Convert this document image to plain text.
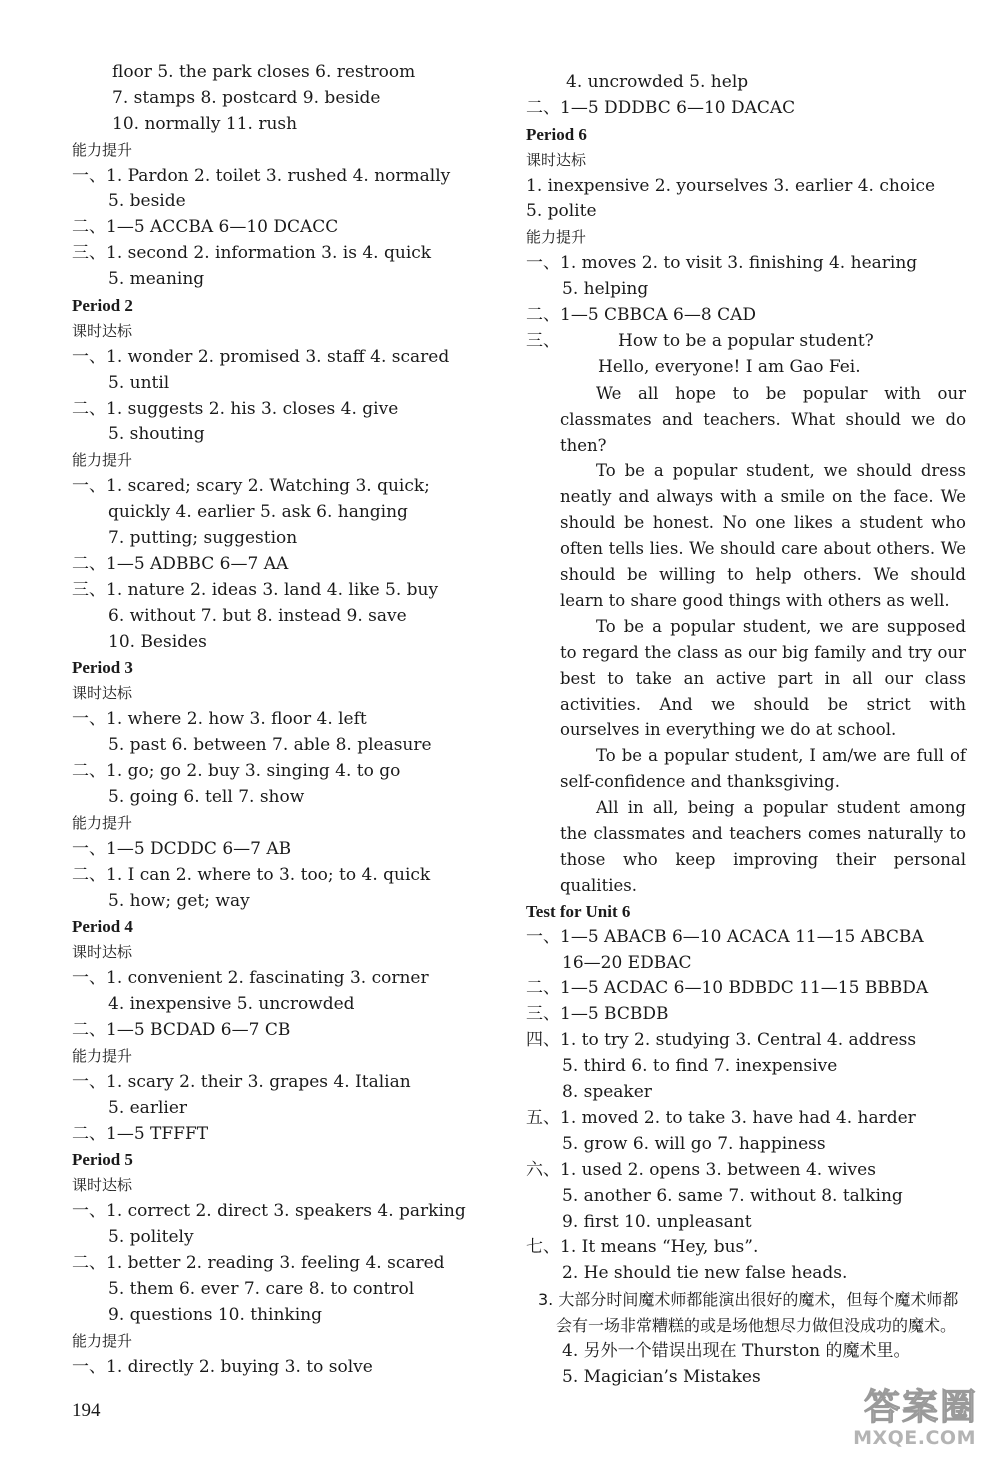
floor 5. the park closes 6. restroom
7. stamps 8. postcard 9. beside
10. normally 11. rush
能力提升
一、1. Pardon 2. toilet 3. rushed 4. normally
5. beside
二、1—5 ACCBA 6—10 DCACC
三、1. second 2. information 3. is 4. quick
5. meaning
Period 2
课时达标
一、1. wonder 2. promised 3. staff 4. scared
5. until
二、1. suggests 2. his 3. closes 4. give
5. shouting
能力提升
一、1. scared; scary 2. Watching 3. quick;
quickly 4. earlier 5. ask 6. hanging
7. putting; suggestion
二、1—5 ADBBC 6—7 AA
三、1. nature 2. ideas 3. land 4. like 5. buy
6. without 7. but 8. instead 9. save
10. Besides
Period 3
课时达标
一、1. where 2. how 3. floor 4. left
5. past 6. between 7. able 8. pleasure
二、1. go; go 2. buy 3. singing 4. to go
5. going 6. tell 7. show
能力提升
一、1—5 DCDDC 6—7 AB
二、1. I can 2. where to 3. too; to 4. quick
5. how; get; way
Period 4
课时达标
一、1. convenient 2. fascinating 3. corner
4. inexpensive 5. uncrowded
二、1—5 BCDAD 6—7 CB
能力提升
一、1. scary 2. their 3. grapes 4. Italian
5. earlier
二、1—5 TFFFT
Period 5
课时达标
一、1. correct 2. direct 3. speakers 4. parking
5. politely
二、1. better 2. reading 3. feeling 4. scared
5. them 6. ever 7. care 8. to control
9. questions 10. thinking
能力提升
一、1. directly 2. buying 3. to solve
4. uncrowded 5. help
二、1—5 DDDBC 6—10 DACAC
Period 6
课时达标
1. inexpensive 2. yourselves 3. earlier 4. choice
5. polite
能力提升
一、1. moves 2. to visit 3. finishing 4. hearing
5. helping
二、1—5 CBBCA 6—8 CAD
三、	How to be a popular student?
Hello, everyone! I am Gao Fei.

We all hope to be popular with our classmates and teachers. What should we do then?

To be a popular student, we should dress neatly and always with a smile on the face. We should be honest. No one likes a student who often tells lies. We should care about others. We should be willing to help others. We should learn to share good things with others as well.

To be a popular student, we are supposed to regard the class as our big family and try our best to take an active part in all our class activities. And we should be strict with ourselves in everything we do at school.

To be a popular student, I am/we are full of self-confidence and thanksgiving.

All in all, being a popular student among the classmates and teachers comes naturally to those who keep improving their personal qualities.

Test for Unit 6
一、1—5 ABACB 6—10 ACACA 11—15 ABCBA
16—20 EDBAC
二、1—5 ACDAC 6—10 BDBDC 11—15 BBBDA
三、1—5 BCBDB
四、1. to try 2. studying 3. Central 4. address
5. third 6. to find 7. inexpensive
8. speaker
五、1. moved 2. to take 3. have had 4. harder
5. grow 6. will go 7. happiness
六、1. used 2. opens 3. between 4. wives
5. another 6. same 7. without 8. talking
9. first 10. unpleasant
七、1. It means “Hey, bus”.
2. He should tie new false heads.

3. 大部分时间魔术师都能演出很好的魔术，但每个魔术师都会有一场非常糟糕的或是场他想尽力做但没成功的魔术。

4. 另外一个错误出现在 Thurston 的魔术里。
5. Magician’s Mistakes
194	答案圈
MXQE.COM
